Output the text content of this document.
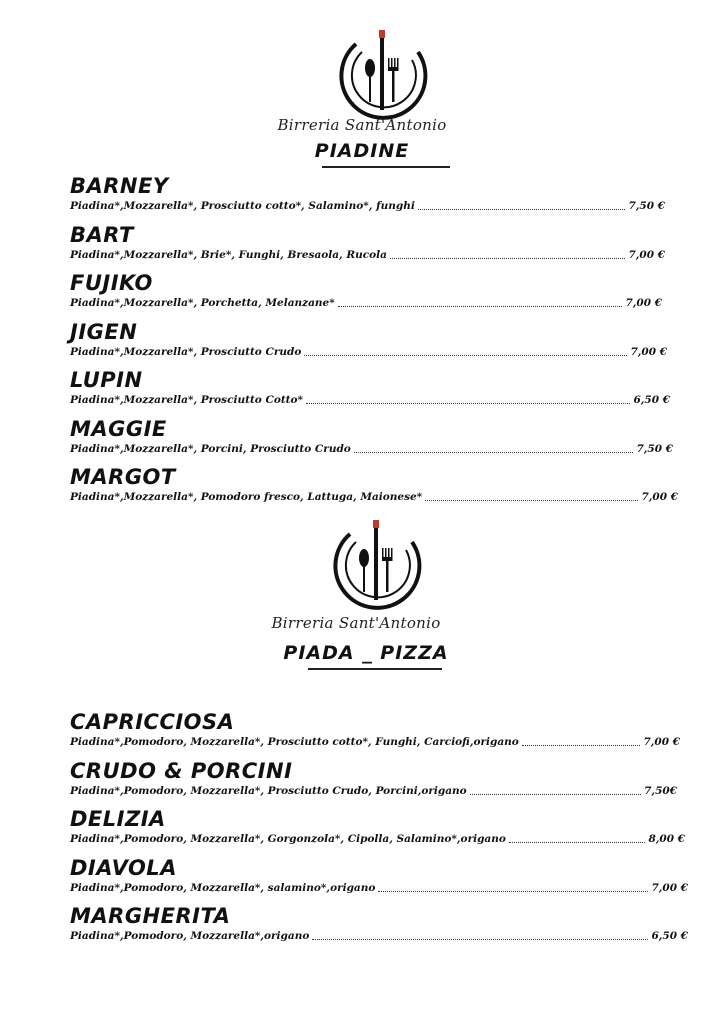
Birreria Sant'Antonio
PIADINE
BARNEY
Piadina*,Mozzarella*, Prosciutto cotto*, Salamino*, funghi	7,50 €
BART
Piadina*,Mozzarella*, Brie*, Funghi, Bresaola, Rucola	7,00 €
FUJIKO
Piadina*,Mozzarella*, Porchetta, Melanzane*	7,00 €
JIGEN
Piadina*,Mozzarella*, Prosciutto Crudo	7,00 €
LUPIN
Piadina*,Mozzarella*, Prosciutto Cotto*	6,50 €
MAGGIE
Piadina*,Mozzarella*, Porcini, Prosciutto Crudo	7,50 €
MARGOT
Piadina*,Mozzarella*, Pomodoro fresco, Lattuga, Maionese*	7,00 €
Birreria Sant'Antonio
PIADA _ PIZZA
CAPRICCIOSA
Piadina*,Pomodoro, Mozzarella*, Prosciutto cotto*, Funghi, Carciofi,origano	7,00 €
CRUDO & PORCINI
Piadina*,Pomodoro, Mozzarella*, Prosciutto Crudo, Porcini,origano	7,50€
DELIZIA
Piadina*,Pomodoro, Mozzarella*, Gorgonzola*, Cipolla, Salamino*,origano	8,00 €
DIAVOLA
Piadina*,Pomodoro, Mozzarella*, salamino*,origano	7,00 €
MARGHERITA
Piadina*,Pomodoro, Mozzarella*,origano	6,50 €
